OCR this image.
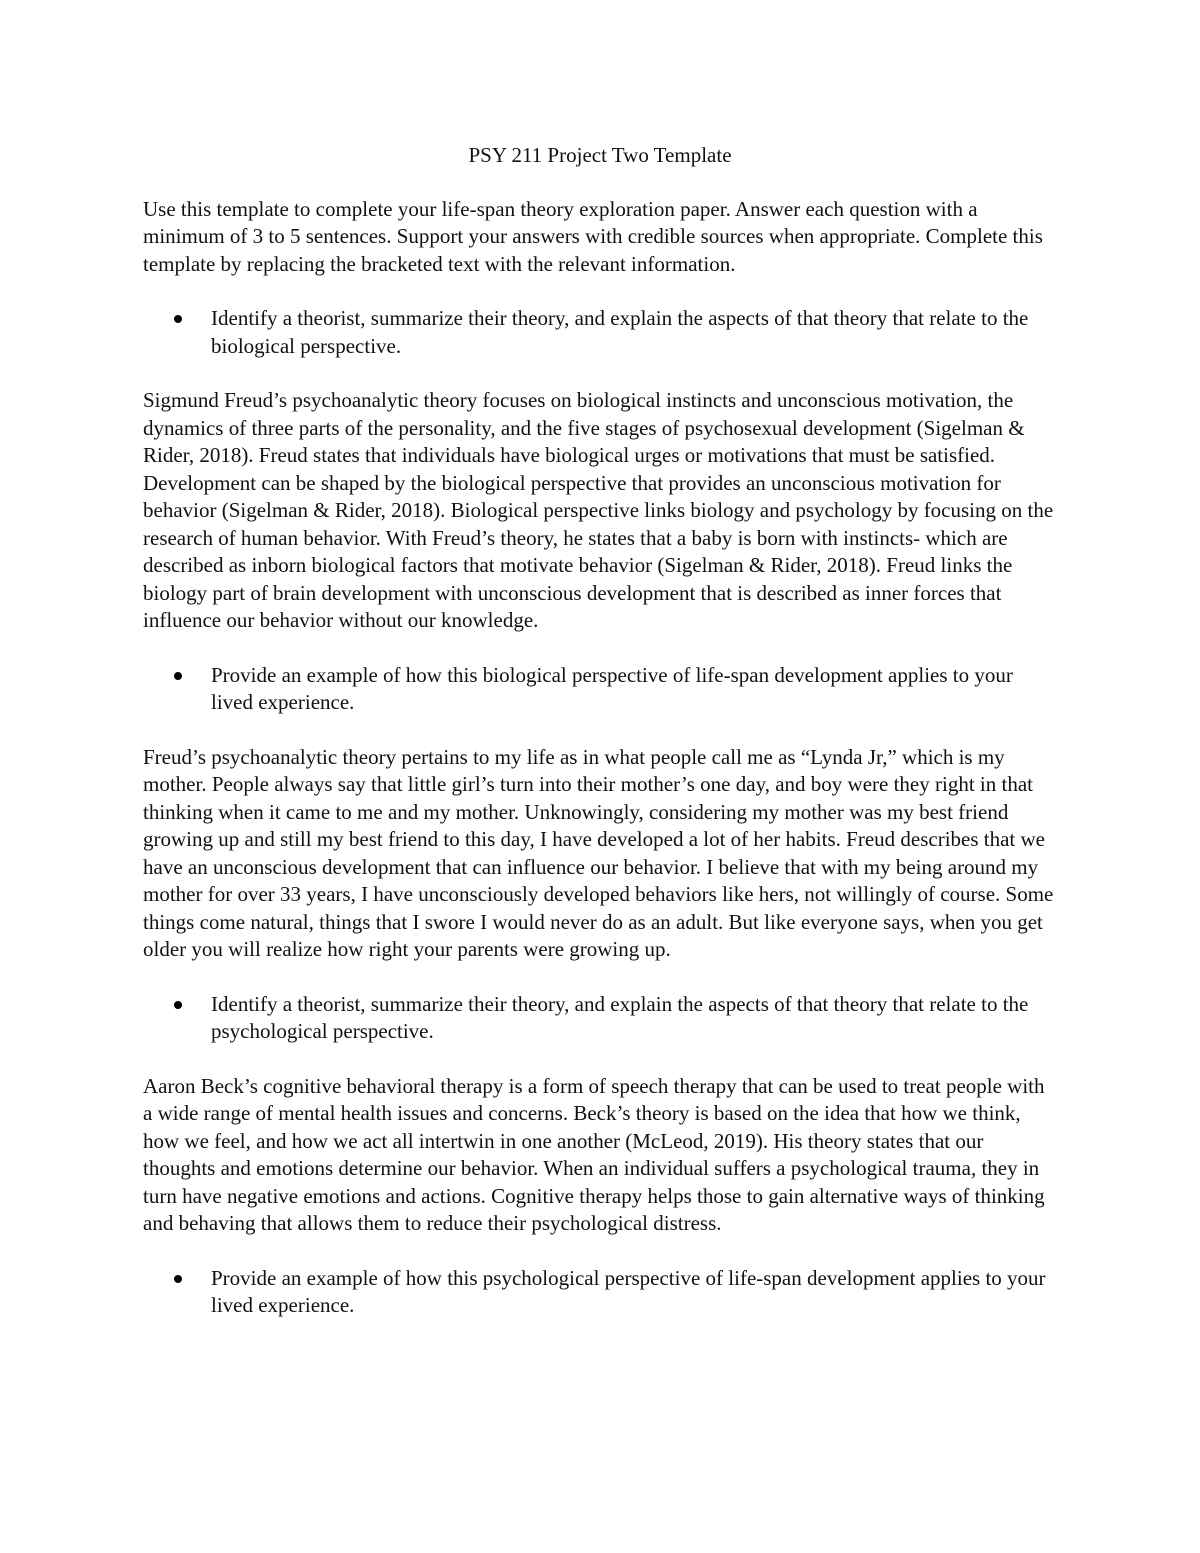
PSY 211 Project Two Template

Use this template to complete your life-span theory exploration paper. Answer each question with a minimum of 3 to 5 sentences. Support your answers with credible sources when appropriate. Complete this template by replacing the bracketed text with the relevant information.

Identify a theorist, summarize their theory, and explain the aspects of that theory that relate to the biological perspective.

Sigmund Freud’s psychoanalytic theory focuses on biological instincts and unconscious motivation, the dynamics of three parts of the personality, and the five stages of psychosexual development (Sigelman & Rider, 2018). Freud states that individuals have biological urges or motivations that must be satisfied. Development can be shaped by the biological perspective that provides an unconscious motivation for behavior (Sigelman & Rider, 2018). Biological perspective links biology and psychology by focusing on the research of human behavior. With Freud’s theory, he states that a baby is born with instincts- which are described as inborn biological factors that motivate behavior (Sigelman & Rider, 2018). Freud links the biology part of brain development with unconscious development that is described as inner forces that influence our behavior without our knowledge.

Provide an example of how this biological perspective of life-span development applies to your lived experience.

Freud’s psychoanalytic theory pertains to my life as in what people call me as “Lynda Jr,” which is my mother. People always say that little girl’s turn into their mother’s one day, and boy were they right in that thinking when it came to me and my mother. Unknowingly, considering my mother was my best friend growing up and still my best friend to this day, I have developed a lot of her habits. Freud describes that we have an unconscious development that can influence our behavior. I believe that with my being around my mother for over 33 years, I have unconsciously developed behaviors like hers, not willingly of course. Some things come natural, things that I swore I would never do as an adult. But like everyone says, when you get older you will realize how right your parents were growing up.

Identify a theorist, summarize their theory, and explain the aspects of that theory that relate to the psychological perspective.

Aaron Beck’s cognitive behavioral therapy is a form of speech therapy that can be used to treat people with a wide range of mental health issues and concerns. Beck’s theory is based on the idea that how we think, how we feel, and how we act all intertwin in one another (McLeod, 2019). His theory states that our thoughts and emotions determine our behavior. When an individual suffers a psychological trauma, they in turn have negative emotions and actions. Cognitive therapy helps those to gain alternative ways of thinking and behaving that allows them to reduce their psychological distress.

Provide an example of how this psychological perspective of life-span development applies to your lived experience.
